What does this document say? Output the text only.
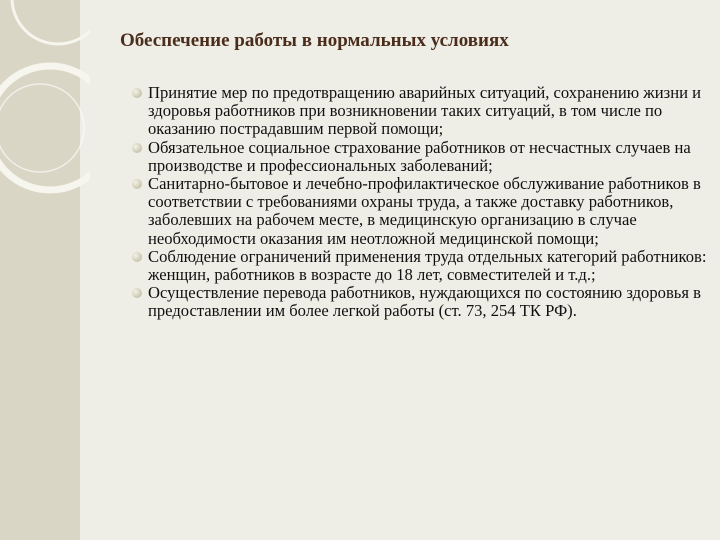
Обеспечение работы в нормальных условиях
Принятие мер по предотвращению аварийных ситуаций, сохранению жизни и здоровья работников при возникновении таких ситуаций, в том числе по оказанию пострадавшим первой помощи;
Обязательное социальное страхование работников от несчастных случаев на производстве и профессиональных заболеваний;
Санитарно-бытовое и лечебно-профилактическое обслуживание работников в соответствии с требованиями охраны труда, а также доставку работников, заболевших на рабочем месте, в медицинскую организацию в случае необходимости оказания им неотложной медицинской помощи;
Соблюдение ограничений применения труда отдельных категорий работников: женщин, работников в возрасте до 18 лет, совместителей и т.д.;
Осуществление перевода работников, нуждающихся по состоянию здоровья в предоставлении им более легкой работы (ст. 73, 254 ТК РФ).
